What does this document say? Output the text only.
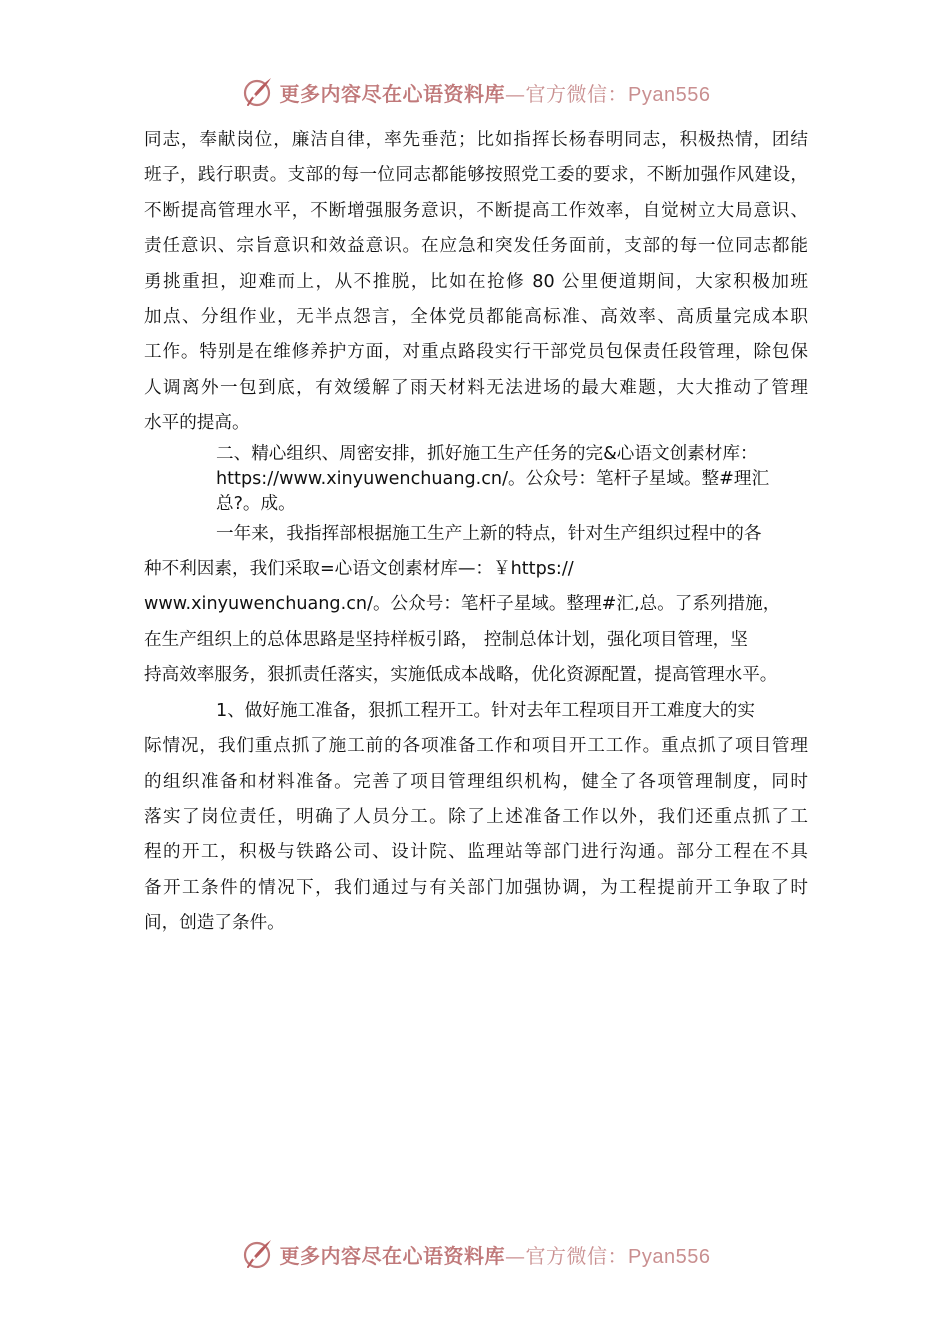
更多内容尽在心语资料库—官方微信：Pyan556

同志，奉献岗位，廉洁自律，率先垂范；比如指挥长杨春明同志，积极热情，团结
班子，践行职责。支部的每一位同志都能够按照党工委的要求，不断加强作风建设，
不断提高管理水平，不断增强服务意识，不断提高工作效率，自觉树立大局意识、
责任意识、宗旨意识和效益意识。在应急和突发任务面前，支部的每一位同志都能
勇挑重担，迎难而上，从不推脱，比如在抢修 80 公里便道期间，大家积极加班
加点、分组作业，无半点怨言，全体党员都能高标准、高效率、高质量完成本职
工作。特别是在维修养护方面，对重点路段实行干部党员包保责任段管理，除包保
人调离外一包到底，有效缓解了雨天材料无法进场的最大难题，大大推动了管理
水平的提高。

二、精心组织、周密安排，抓好施工生产任务的完&心语文创素材库：
https://www.xinyuwenchuang.cn/。公众号：笔杆子星域。整#理汇
总?。成。

一年来，我指挥部根据施工生产上新的特点，针对生产组织过程中的各
种不利因素，我们采取=心语文创素材库—：￥https://
www.xinyuwenchuang.cn/。公众号：笔杆子星域。整理#汇,总。了系列措施，
在生产组织上的总体思路是坚持样板引路， 控制总体计划，强化项目管理，坚
持高效率服务，狠抓责任落实，实施低成本战略，优化资源配置，提高管理水平。

1、做好施工准备，狠抓工程开工。针对去年工程项目开工难度大的实
际情况，我们重点抓了施工前的各项准备工作和项目开工工作。重点抓了项目管理
的组织准备和材料准备。完善了项目管理组织机构，健全了各项管理制度，同时
落实了岗位责任，明确了人员分工。除了上述准备工作以外，我们还重点抓了工
程的开工，积极与铁路公司、设计院、监理站等部门进行沟通。部分工程在不具
备开工条件的情况下，我们通过与有关部门加强协调，为工程提前开工争取了时
间，创造了条件。

更多内容尽在心语资料库—官方微信：Pyan556
